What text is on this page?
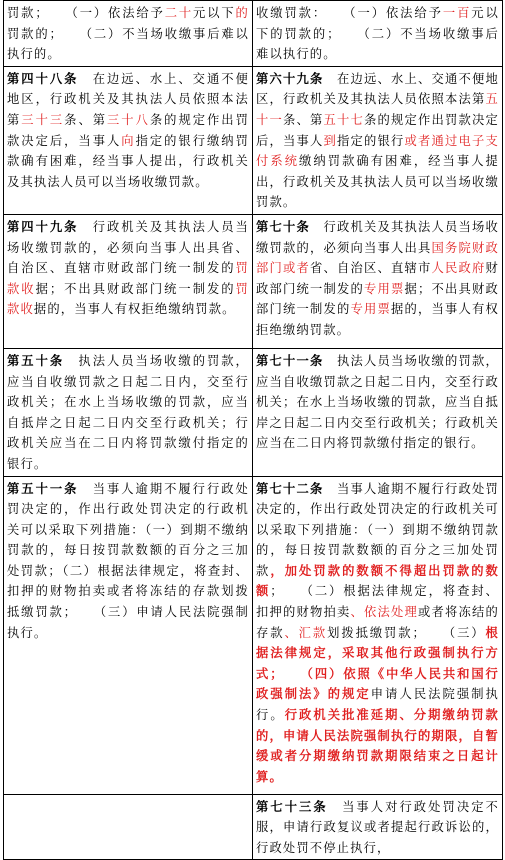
罚款；　　（一）依法给予二十元以下的罚款的；　　（二）不当场收缴事后难以执行的。	收缴罚款：　　（一）依法给予一百元以下的罚款的；　　（二）不当场收缴事后难以执行的。
第四十八条　在边远、水上、交通不便地区，行政机关及其执法人员依照本法第三十三条、第三十八条的规定作出罚款决定后，当事人向指定的银行缴纳罚款确有困难，经当事人提出，行政机关及其执法人员可以当场收缴罚款。	第六十九条　在边远、水上、交通不便地区，行政机关及其执法人员依照本法第五十一条、第五十七条的规定作出罚款决定后，当事人到指定的银行或者通过电子支付系统缴纳罚款确有困难，经当事人提出，行政机关及其执法人员可以当场收缴罚款。
第四十九条　行政机关及其执法人员当场收缴罚款的，必须向当事人出具省、自治区、直辖市财政部门统一制发的罚款收据；不出具财政部门统一制发的罚款收据的，当事人有权拒绝缴纳罚款。	第七十条　行政机关及其执法人员当场收缴罚款的，必须向当事人出具国务院财政部门或者省、自治区、直辖市人民政府财政部门统一制发的专用票据；不出具财政部门统一制发的专用票据的，当事人有权拒绝缴纳罚款。
第五十条　执法人员当场收缴的罚款，应当自收缴罚款之日起二日内，交至行政机关；在水上当场收缴的罚款，应当自抵岸之日起二日内交至行政机关；行政机关应当在二日内将罚款缴付指定的银行。	第七十一条　执法人员当场收缴的罚款，应当自收缴罚款之日起二日内，交至行政机关；在水上当场收缴的罚款，应当自抵岸之日起二日内交至行政机关；行政机关应当在二日内将罚款缴付指定的银行。
第五十一条　当事人逾期不履行行政处罚决定的，作出行政处罚决定的行政机关可以采取下列措施：（一）到期不缴纳罚款的，每日按罚款数额的百分之三加处罚款；（二）根据法律规定，将查封、扣押的财物拍卖或者将冻结的存款划拨抵缴罚款；　　（三）申请人民法院强制执行。	第七十二条　当事人逾期不履行行政处罚决定的，作出行政处罚决定的行政机关可以采取下列措施：（一）到期不缴纳罚款的，每日按罚款数额的百分之三加处罚款，加处罚款的数额不得超出罚款的数额；　　（二）根据法律规定，将查封、扣押的财物拍卖、依法处理或者将冻结的存款、汇款划拨抵缴罚款；　　（三）根据法律规定，采取其他行政强制执行方式；　　（四）依照《中华人民共和国行政强制法》的规定申请人民法院强制执行。行政机关批准延期、分期缴纳罚款的，申请人民法院强制执行的期限，自暂缓或者分期缴纳罚款期限结束之日起计算。
	第七十三条　当事人对行政处罚决定不服，申请行政复议或者提起行政诉讼的，行政处罚不停止执行，
